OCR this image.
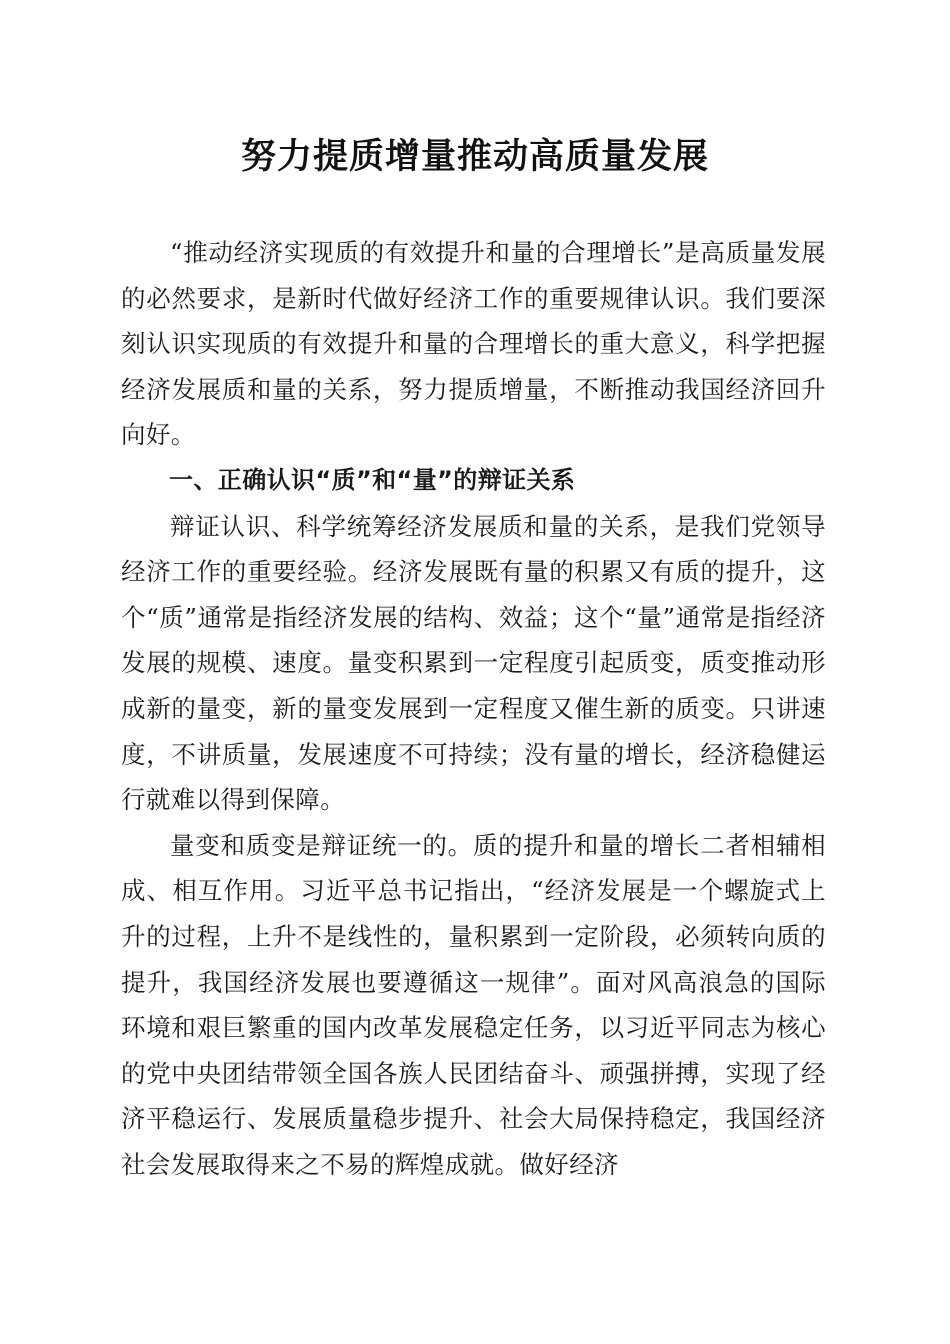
努力提质增量推动高质量发展

“推动经济实现质的有效提升和量的合理增长”是高质量发展的必然要求，是新时代做好经济工作的重要规律认识。我们要深刻认识实现质的有效提升和量的合理增长的重大意义，科学把握经济发展质和量的关系，努力提质增量，不断推动我国经济回升向好。

一、正确认识“质”和“量”的辩证关系

辩证认识、科学统筹经济发展质和量的关系，是我们党领导经济工作的重要经验。经济发展既有量的积累又有质的提升，这个“质”通常是指经济发展的结构、效益；这个“量”通常是指经济发展的规模、速度。量变积累到一定程度引起质变，质变推动形成新的量变，新的量变发展到一定程度又催生新的质变。只讲速度，不讲质量，发展速度不可持续；没有量的增长，经济稳健运行就难以得到保障。

量变和质变是辩证统一的。质的提升和量的增长二者相辅相成、相互作用。习近平总书记指出，“经济发展是一个螺旋式上升的过程，上升不是线性的，量积累到一定阶段，必须转向质的提升，我国经济发展也要遵循这一规律”。面对风高浪急的国际环境和艰巨繁重的国内改革发展稳定任务，以习近平同志为核心的党中央团结带领全国各族人民团结奋斗、顽强拼搏，实现了经济平稳运行、发展质量稳步提升、社会大局保持稳定，我国经济社会发展取得来之不易的辉煌成就。做好经济
